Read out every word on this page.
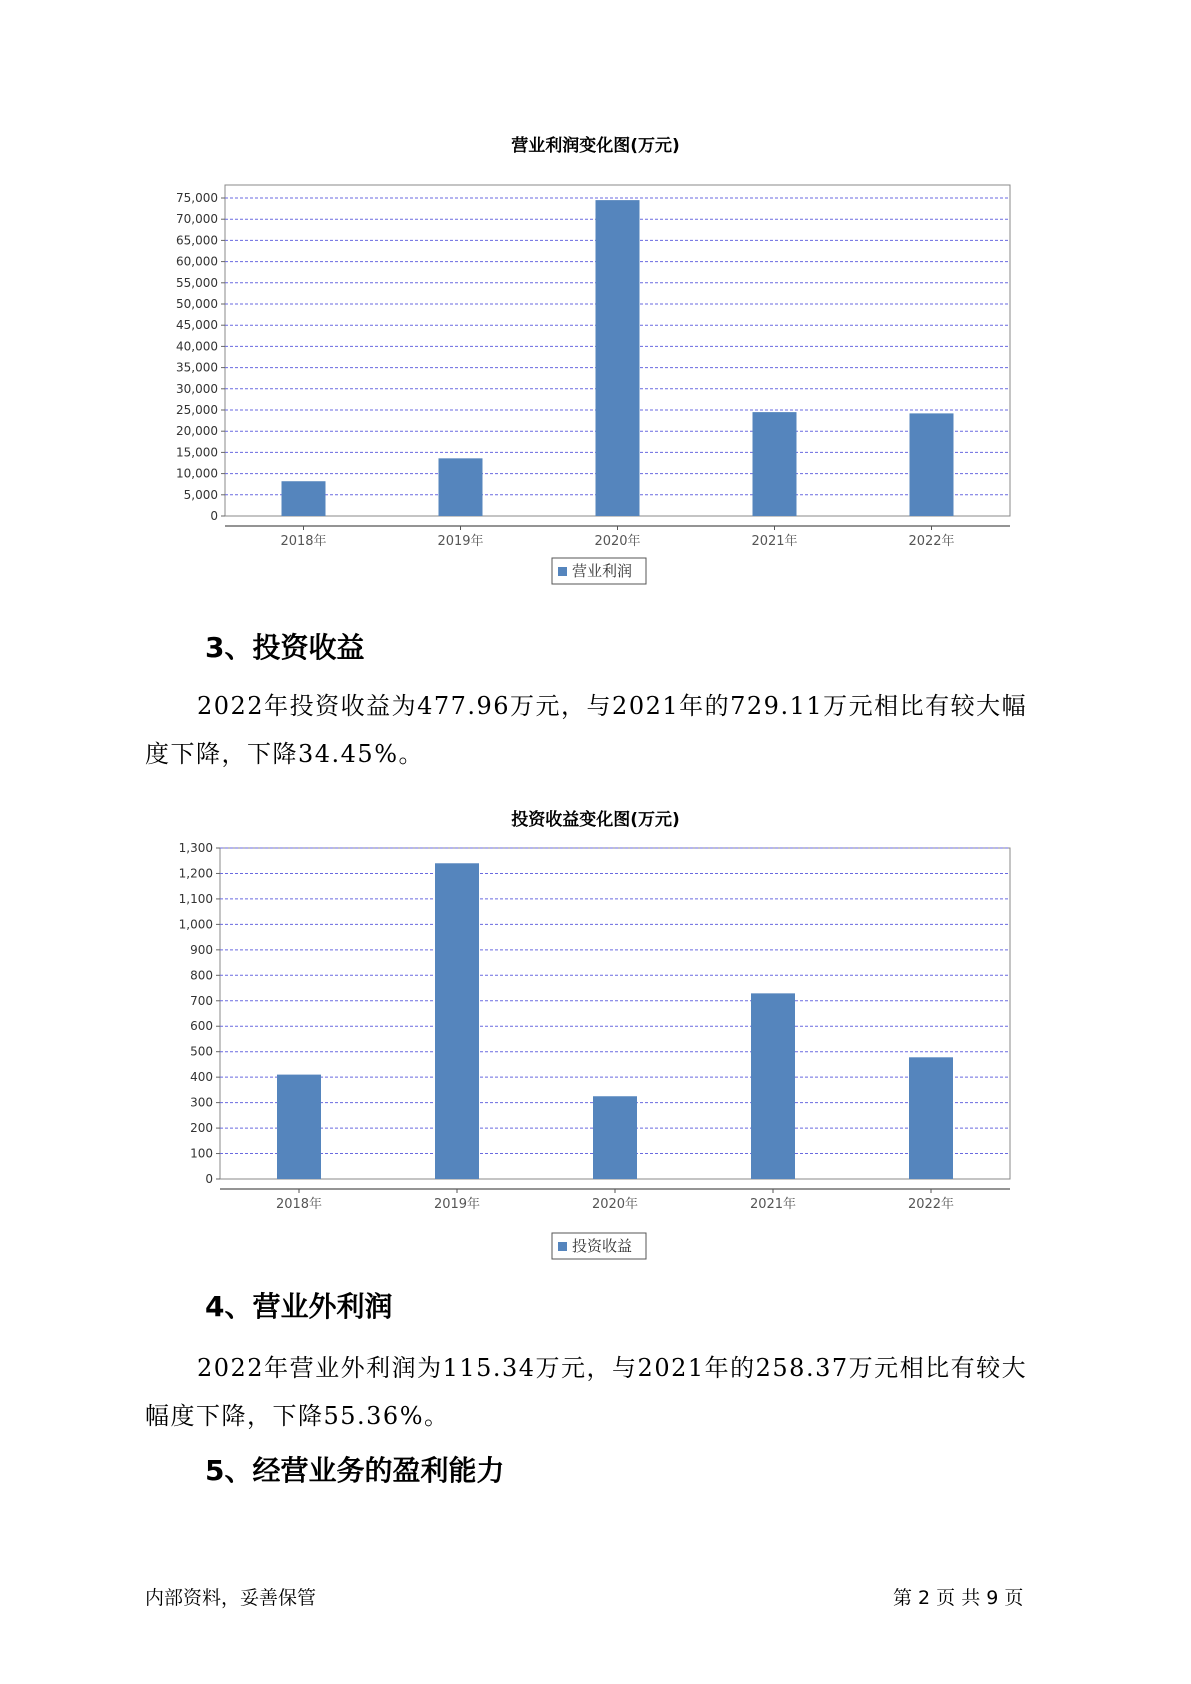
营业利润变化图(万元)
0
5,000
10,000
15,000
20,000
25,000
30,000
35,000
40,000
45,000
50,000
55,000
60,000
65,000
70,000
75,000
2018年	2019年	2020年	2021年	2022年
营业利润
3、投资收益
2022年投资收益为477.96万元，与2021年的729.11万元相比有较大幅度下降，下降34.45%。
投资收益变化图(万元)
0
100
200
300
400
500
600
700
800
900
1,000
1,100
1,200
1,300
2018年	2019年	2020年	2021年	2022年
投资收益
4、营业外利润
2022年营业外利润为115.34万元，与2021年的258.37万元相比有较大幅度下降，下降55.36%。
5、经营业务的盈利能力
内部资料，妥善保管	第 2 页 共 9 页
